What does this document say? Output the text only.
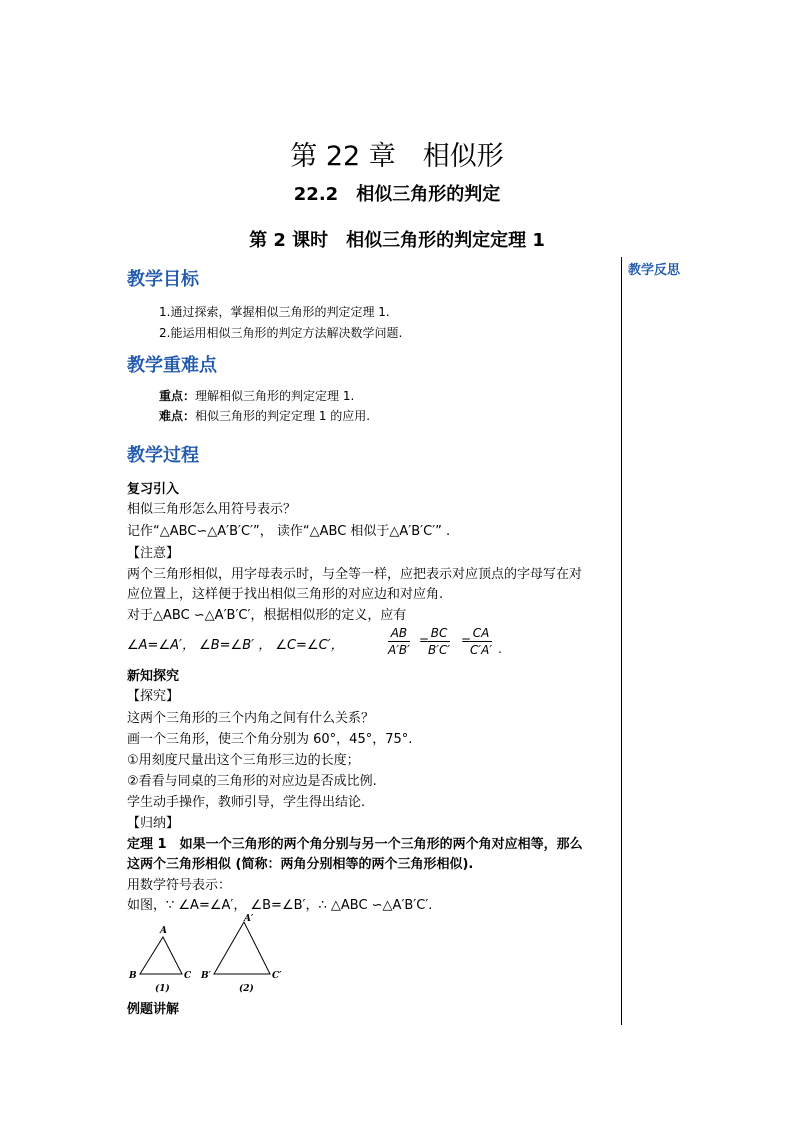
第 22 章　相似形
22.2　相似三角形的判定
第 2 课时　相似三角形的判定定理 1
教学反思
教学目标
1.通过探索，掌握相似三角形的判定定理 1.
2.能运用相似三角形的判定方法解决数学问题.
教学重难点
重点：理解相似三角形的判定定理 1.
难点：相似三角形的判定定理 1 的应用.
教学过程
复习引入
相似三角形怎么用符号表示？
记作“△ABC∽△A′B′C′”， 读作“△ABC 相似于△A′B′C′” .
【注意】
两个三角形相似，用字母表示时，与全等一样，应把表示对应顶点的字母写在对
应位置上，这样便于找出相似三角形的对应边和对应角.
对于△ABC ∽△A′B′C′，根据相似形的定义，应有
∠A=∠A′， ∠B=∠B′ ， ∠C=∠C′，	$\frac{AB}{A'B'}$ =
$\frac{BC}{B'C'}$ =
$\frac{CA}{C'A'}$ .
新知探究
【探究】
这两个三角形的三个内角之间有什么关系？
画一个三角形，使三个角分别为 60°，45°，75°.
①用刻度尺量出这个三角形三边的长度；
②看看与同桌的三角形的对应边是否成比例.
学生动手操作，教师引导，学生得出结论.
【归纳】
定理 1　如果一个三角形的两个角分别与另一个三角形的两个角对应相等，那么
这两个三角形相似 (简称：两角分别相等的两个三角形相似).
用数学符号表示：
如图，∵ ∠A=∠A′， ∠B=∠B′，∴ △ABC ∽△A′B′C′.
A
B	C
(1)
A′
B′	C′
(2)
例题讲解
